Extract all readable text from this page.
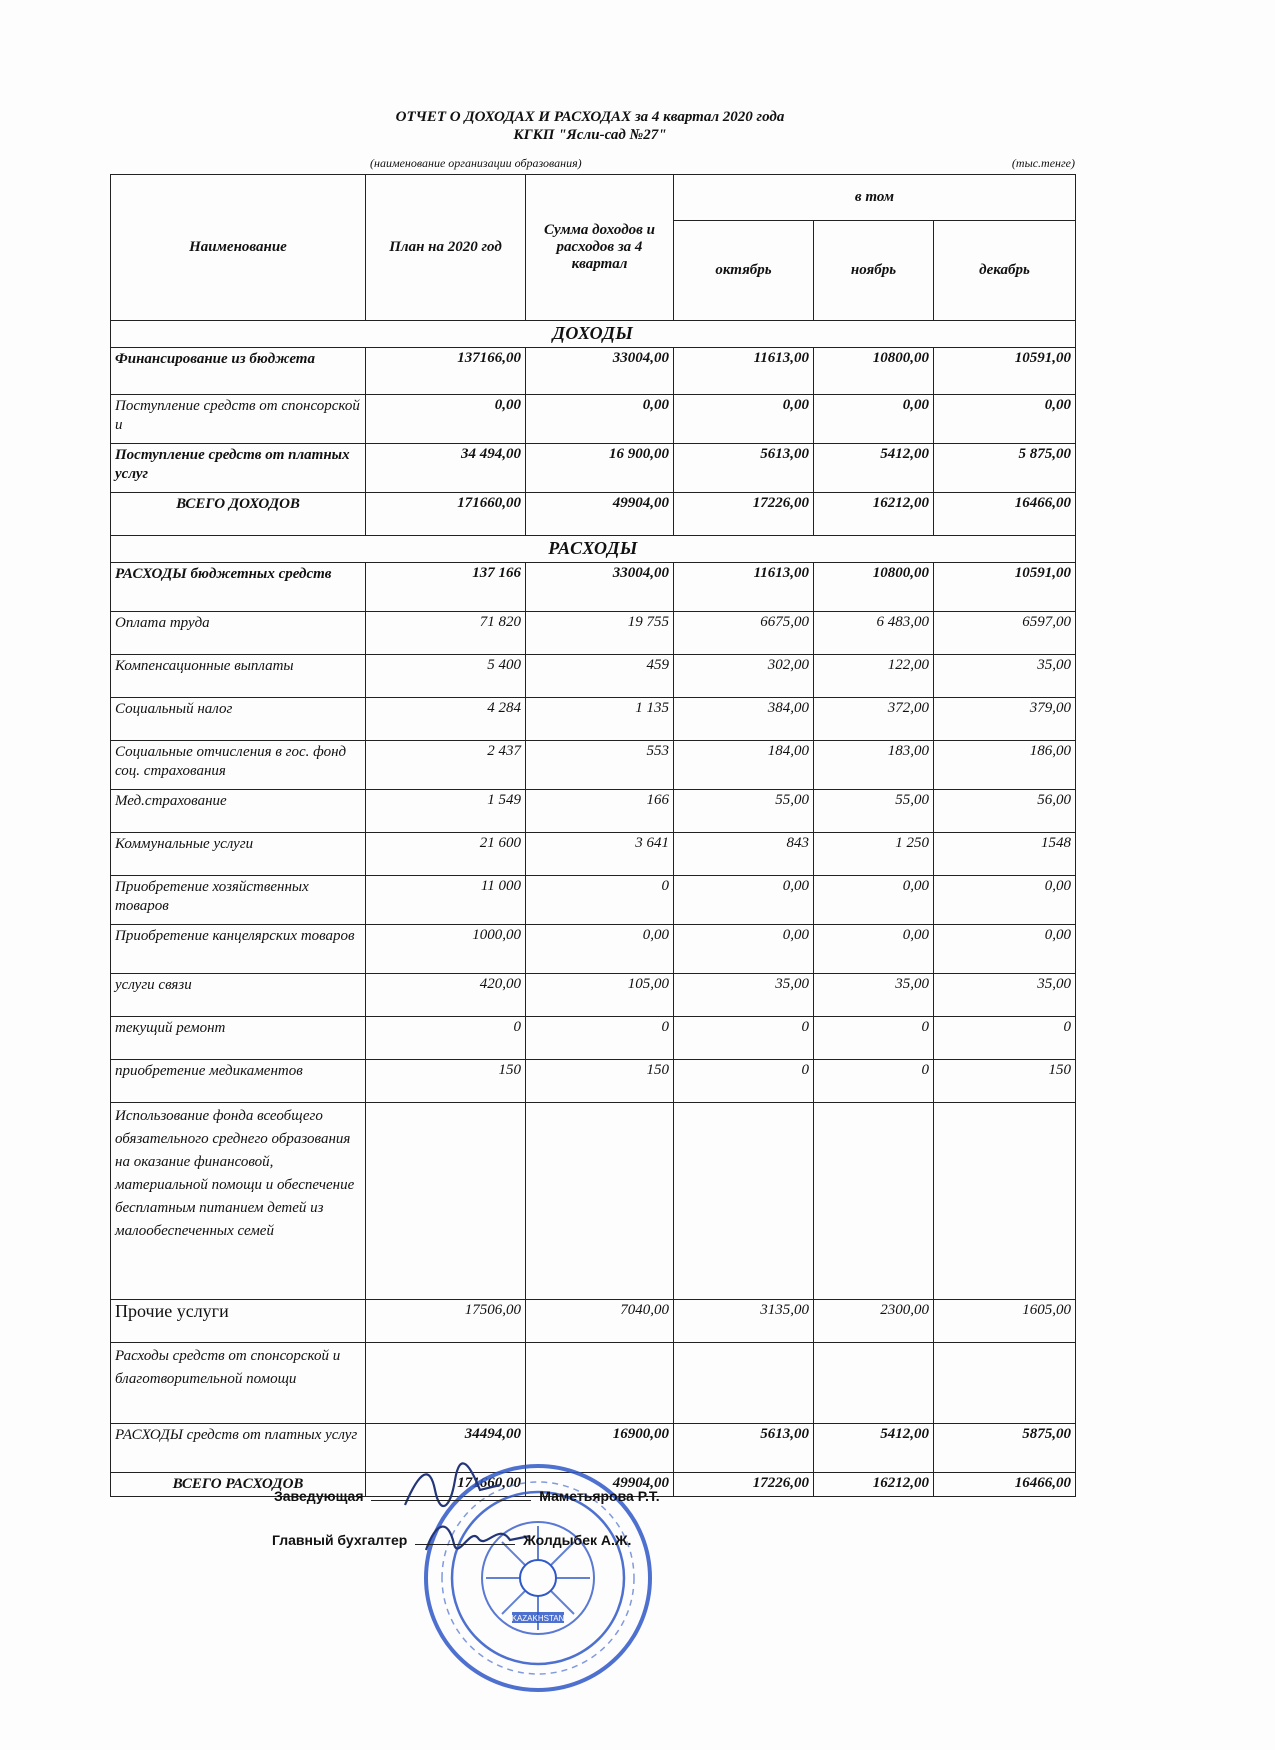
ОТЧЕТ О ДОХОДАХ И РАСХОДАХ за 4 квартал 2020 года
КГКП "Ясли-сад №27"
(наименование организации образования)	(тыс.тенге)
Наименование	План на 2020 год	Сумма доходов и расходов за 4 квартал	в том		
			октябрь	ноябрь	декабрь
ДОХОДЫ					
Финансирование из бюджета	137166,00	33004,00	11613,00	10800,00	10591,00
Поступление средств от спонсорской и	0,00	0,00	0,00	0,00	0,00
Поступление средств от платных услуг	34 494,00	16 900,00	5613,00	5412,00	5 875,00
ВСЕГО ДОХОДОВ	171660,00	49904,00	17226,00	16212,00	16466,00
РАСХОДЫ					
РАСХОДЫ бюджетных средств	137 166	33004,00	11613,00	10800,00	10591,00
Оплата труда	71 820	19 755	6675,00	6 483,00	6597,00
Компенсационные выплаты	5 400	459	302,00	122,00	35,00
Социальный налог	4 284	1 135	384,00	372,00	379,00
Социальные отчисления в гос. фонд соц. страхования	2 437	553	184,00	183,00	186,00
Мед.страхование	1 549	166	55,00	55,00	56,00
Коммунальные услуги	21 600	3 641	843	1 250	1548
Приобретение хозяйственных товаров	11 000	0	0,00	0,00	0,00
Приобретение канцелярских товаров	1000,00	0,00	0,00	0,00	0,00
услуги связи	420,00	105,00	35,00	35,00	35,00
текущий ремонт	0	0	0	0	0
приобретение медикаментов	150	150	0	0	150
Использование фонда всеобщего обязательного среднего образования на оказание финансовой, материальной помощи и обеспечение бесплатным питанием детей из малообеспеченных семей					
Прочие услуги	17506,00	7040,00	3135,00	2300,00	1605,00
Расходы средств от спонсорской и благотворительной помощи					
РАСХОДЫ средств от платных услуг	34494,00	16900,00	5613,00	5412,00	5875,00
ВСЕГО РАСХОДОВ	171660,00	49904,00	17226,00	16212,00	16466,00
KAZAKHSTAN
Заведующая	Маметьярова Р.Т.
Главный бухгалтер	Жолдыбек А.Ж.
